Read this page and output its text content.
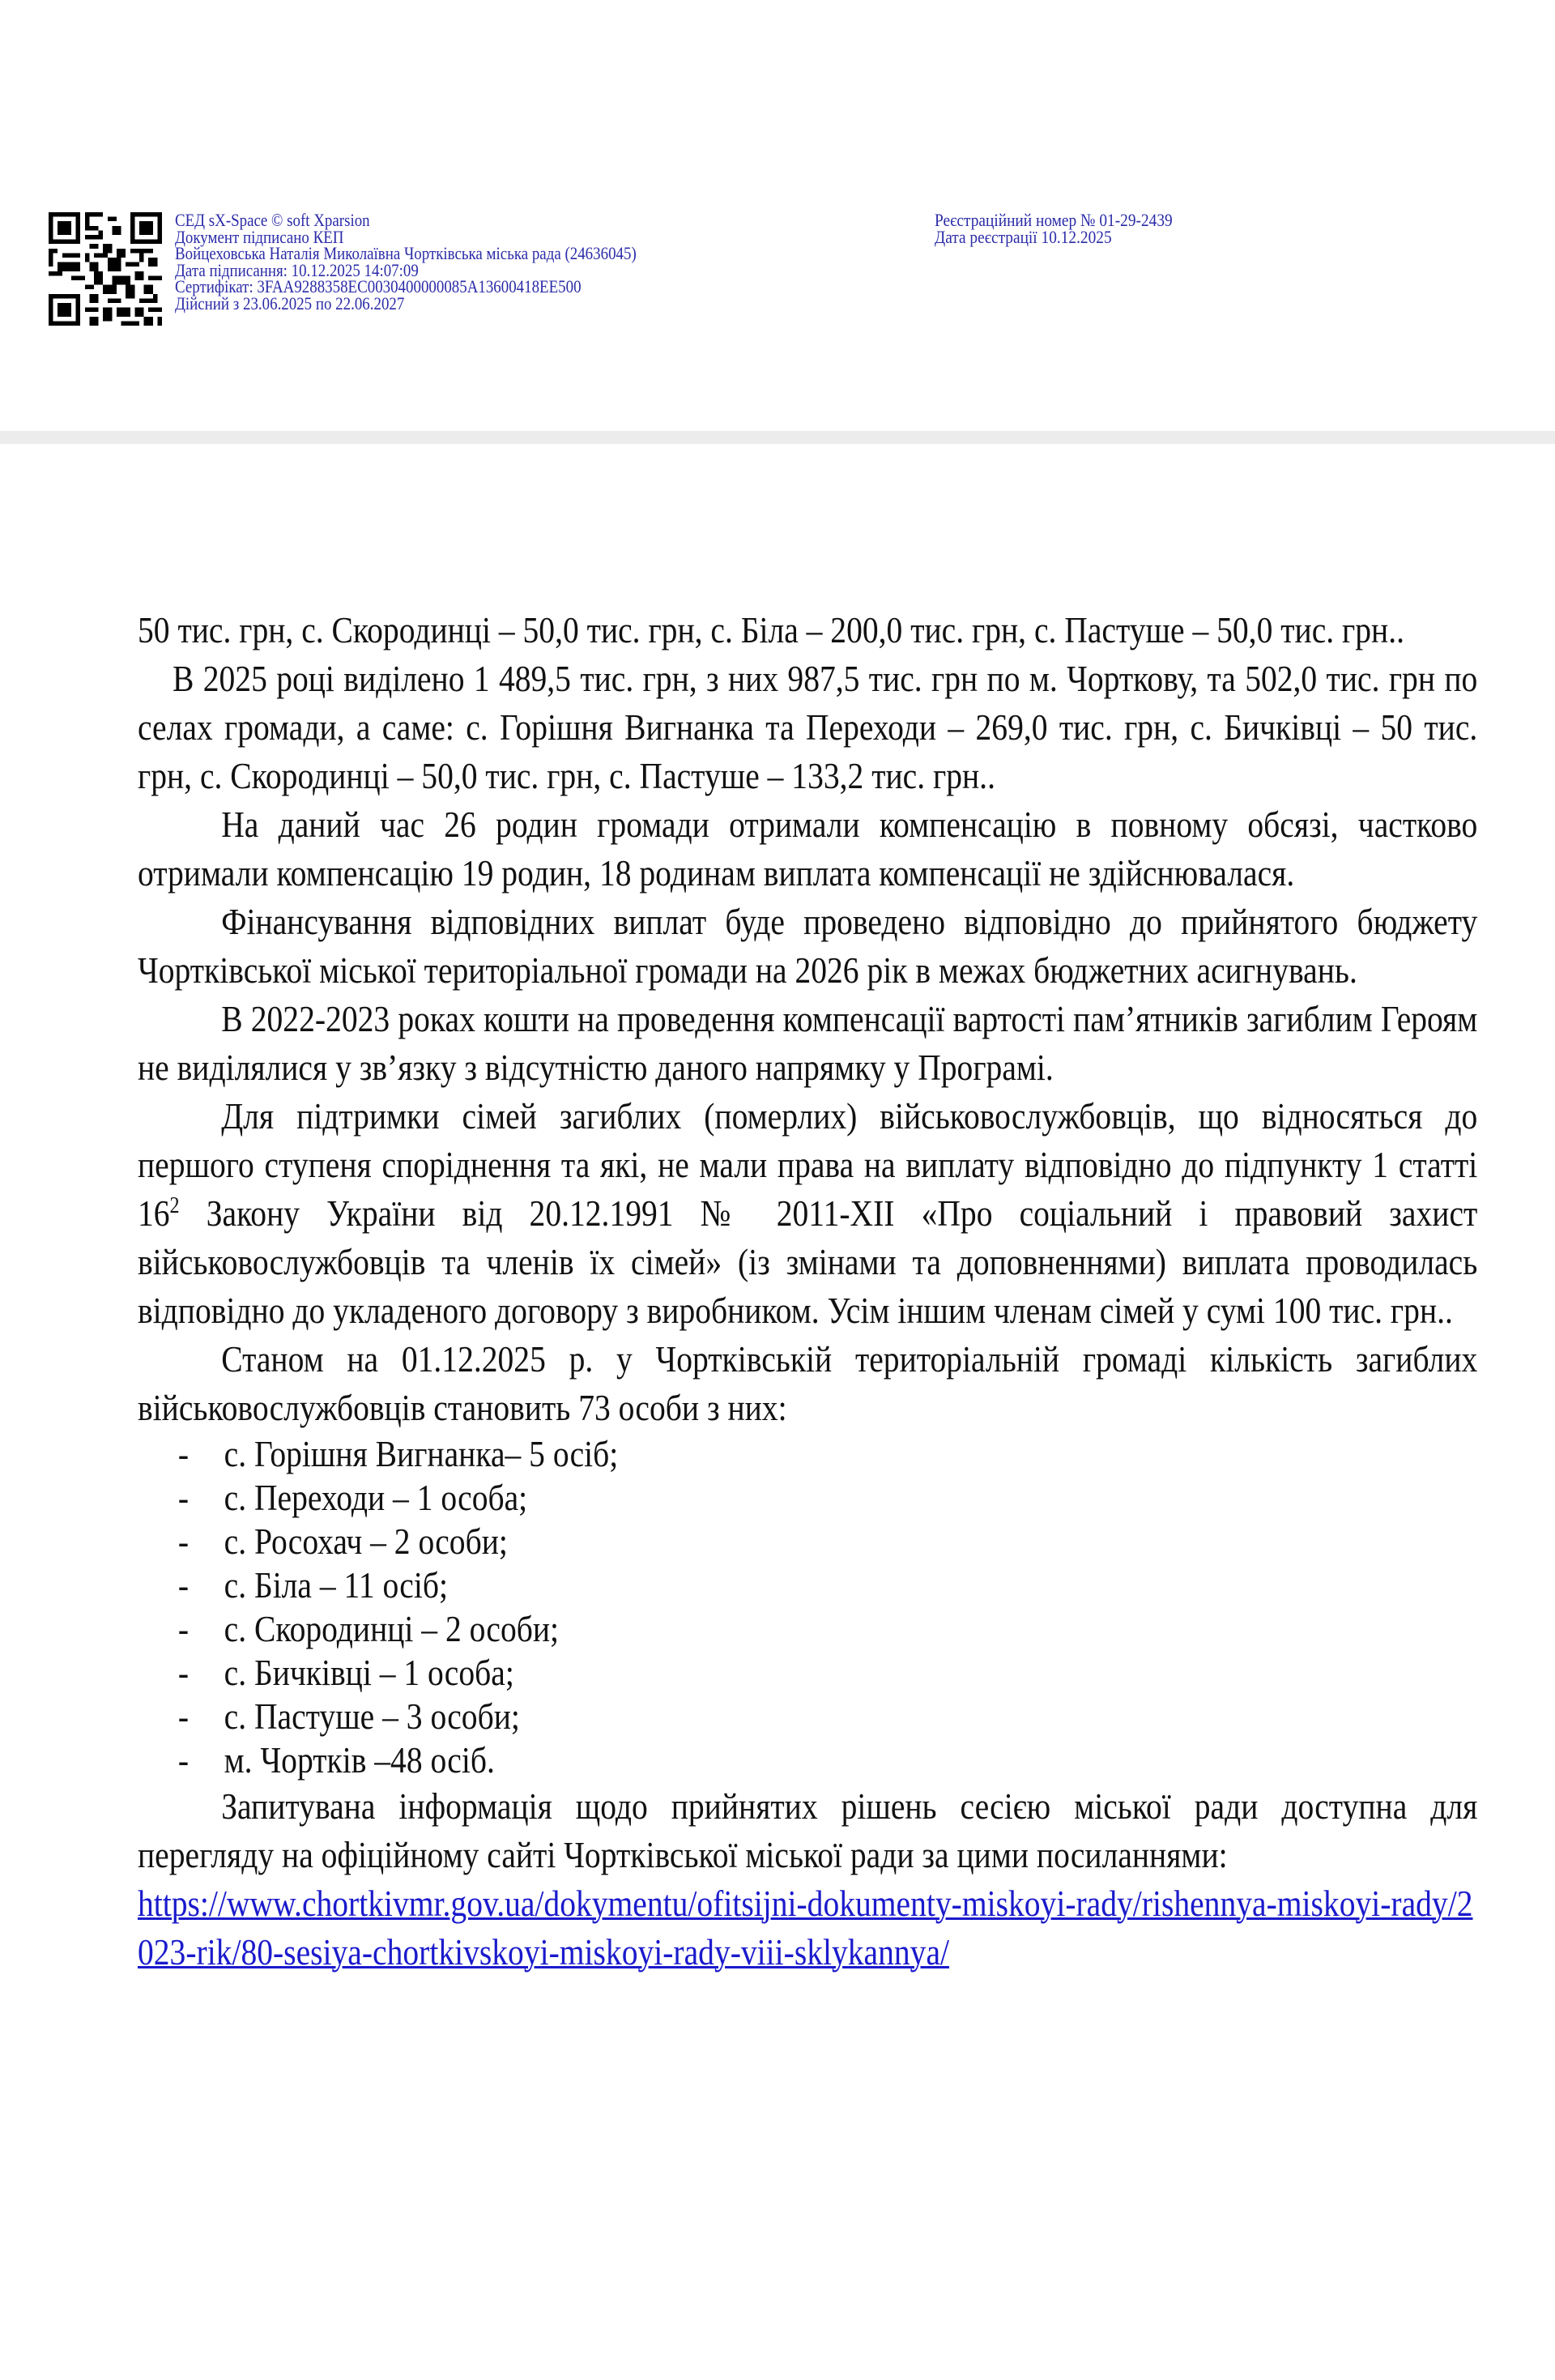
СЕД sX-Space © soft Xparsion
Документ підписано КЕП
Войцеховська Наталія Миколаївна Чортківська міська рада (24636045)
Дата підписання: 10.12.2025 14:07:09
Сертифікат: 3FAA9288358EC0030400000085A13600418EE500
Дійсний з 23.06.2025 по 22.06.2027
Реєстраційний номер № 01-29-2439
Дата реєстрації 10.12.2025

50 тис. грн, с. Скородинці – 50,0 тис. грн, с. Біла – 200,0 тис. грн, с. Пастуше – 50,0 тис. грн..

В 2025 році виділено 1 489,5 тис. грн, з них 987,5 тис. грн по м. Чорткову, та 502,0 тис. грн по селах громади, а саме: с. Горішня Вигнанка та Переходи – 269,0 тис. грн, с. Бичківці – 50 тис. грн, с. Скородинці – 50,0 тис. грн, с. Пастуше – 133,2 тис. грн..

На даний час 26 родин громади отримали компенсацію в повному обсязі, частково отримали компенсацію 19 родин, 18 родинам виплата компенсації не здійснювалася.

Фінансування відповідних виплат буде проведено відповідно до прийнятого бюджету Чортківської міської територіальної громади на 2026 рік в межах бюджетних асигнувань.

В 2022-2023 роках кошти на проведення компенсації вартості пам’ятників загиблим Героям не виділялися у зв’язку з відсутністю даного напрямку у Програмі.

Для підтримки сімей загиблих (померлих) військовослужбовців, що відносяться до першого ступеня споріднення та які, не мали права на виплату відповідно до підпункту 1 статті $16^2$ Закону України від 20.12.1991 № 2011-XII «Про соціальний і правовий захист військовослужбовців та членів їх сімей» (із змінами та доповненнями) виплата проводилась відповідно до укладеного договору з виробником. Усім іншим членам сімей у сумі 100 тис. грн..

Станом на 01.12.2025 р. у Чортківській територіальній громаді кількість загиблих військовослужбовців становить 73 особи з них:

- с. Горішня Вигнанка– 5 осіб;
- с. Переходи – 1 особа;
- с. Росохач – 2 особи;
- с. Біла – 11 осіб;
- с. Скородинці – 2 особи;
- с. Бичківці – 1 особа;
- с. Пастуше – 3 особи;
- м. Чортків –48 осіб.

Запитувана інформація щодо прийнятих рішень сесією міської ради доступна для перегляду на офіційному сайті Чортківської міської ради за цими посиланнями:

https://www.chortkivmr.gov.ua/dokymentu/ofitsijni-dokumenty-miskoyi-rady/rishennya-miskoyi-rady/2023-rik/80-sesiya-chortkivskoyi-miskoyi-rady-viii-sklykannya/
